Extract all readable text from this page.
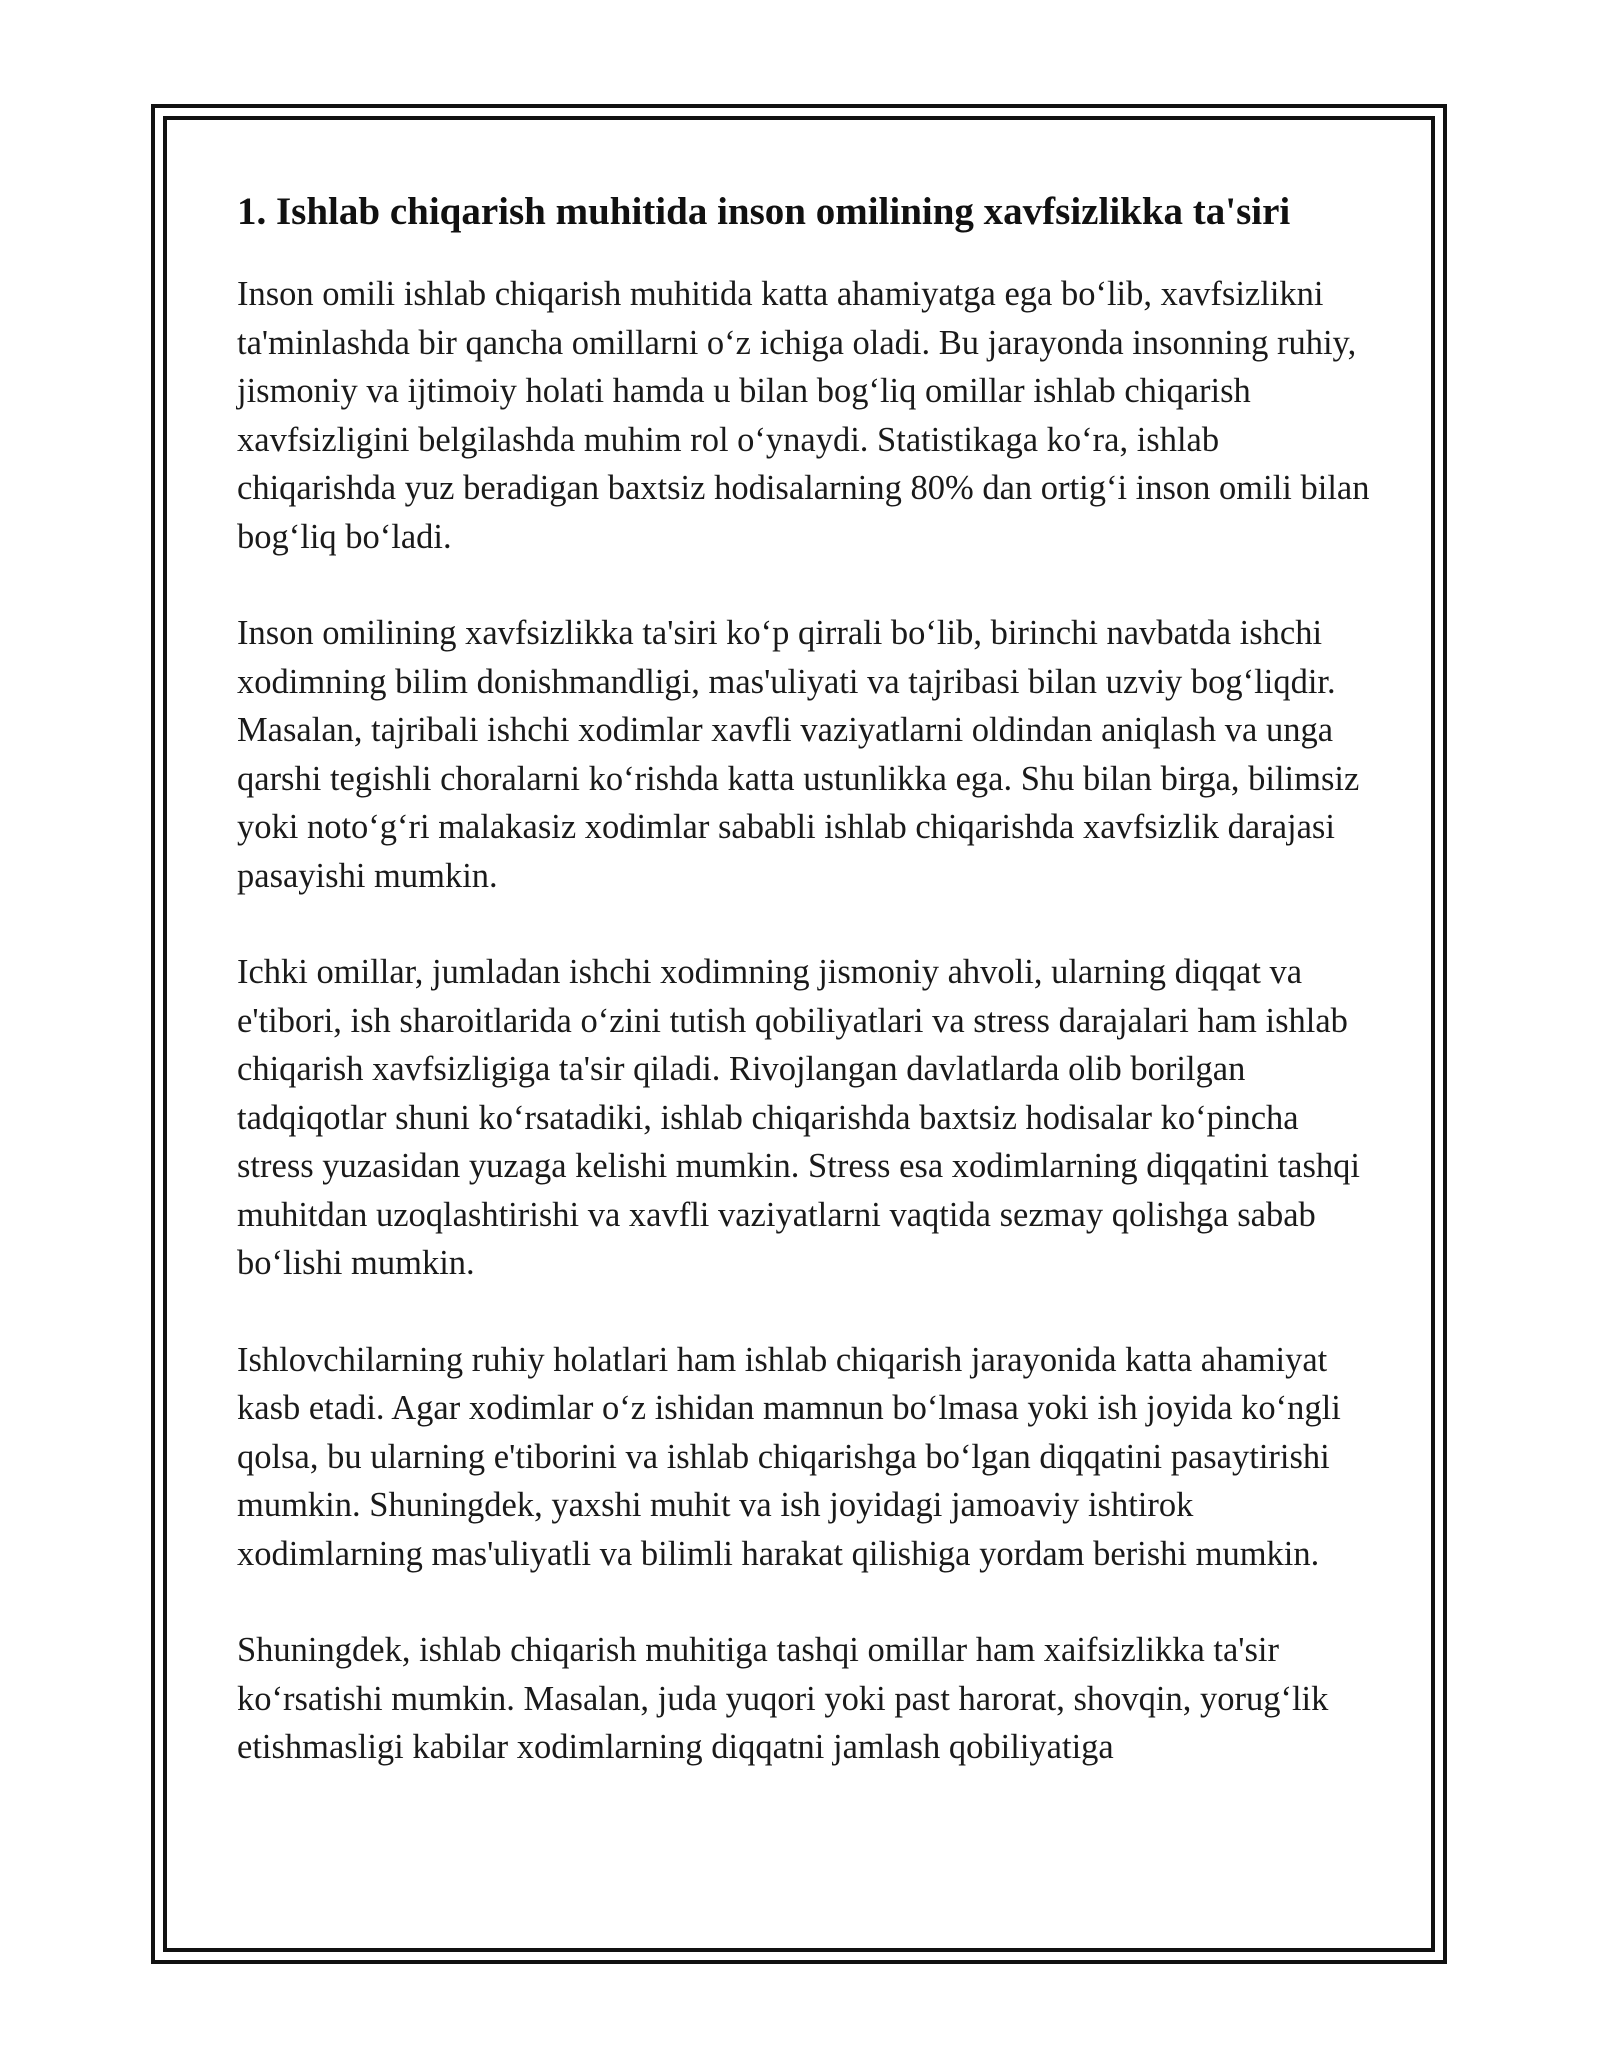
1. Ishlab chiqarish muhitida inson omilining xavfsizlikka ta'siri

Inson omili ishlab chiqarish muhitida katta ahamiyatga ega bo‘lib, xavfsizlikni ta'minlashda bir qancha omillarni o‘z ichiga oladi. Bu jarayonda insonning ruhiy, jismoniy va ijtimoiy holati hamda u bilan bog‘liq omillar ishlab chiqarish xavfsizligini belgilashda muhim rol o‘ynaydi. Statistikaga ko‘ra, ishlab chiqarishda yuz beradigan baxtsiz hodisalarning 80% dan ortig‘i inson omili bilan bog‘liq bo‘ladi.

Inson omilining xavfsizlikka ta'siri ko‘p qirrali bo‘lib, birinchi navbatda ishchi xodimning bilim donishmandligi, mas'uliyati va tajribasi bilan uzviy bog‘liqdir. Masalan, tajribali ishchi xodimlar xavfli vaziyatlarni oldindan aniqlash va unga qarshi tegishli choralarni ko‘rishda katta ustunlikka ega. Shu bilan birga, bilimsiz yoki noto‘g‘ri malakasiz xodimlar sababli ishlab chiqarishda xavfsizlik darajasi pasayishi mumkin.

Ichki omillar, jumladan ishchi xodimning jismoniy ahvoli, ularning diqqat va e'tibori, ish sharoitlarida o‘zini tutish qobiliyatlari va stress darajalari ham ishlab chiqarish xavfsizligiga ta'sir qiladi. Rivojlangan davlatlarda olib borilgan tadqiqotlar shuni ko‘rsatadiki, ishlab chiqarishda baxtsiz hodisalar ko‘pincha stress yuzasidan yuzaga kelishi mumkin. Stress esa xodimlarning diqqatini tashqi muhitdan uzoqlashtirishi va xavfli vaziyatlarni vaqtida sezmay qolishga sabab bo‘lishi mumkin.

Ishlovchilarning ruhiy holatlari ham ishlab chiqarish jarayonida katta ahamiyat kasb etadi. Agar xodimlar o‘z ishidan mamnun bo‘lmasa yoki ish joyida ko‘ngli qolsa, bu ularning e'tiborini va ishlab chiqarishga bo‘lgan diqqatini pasaytirishi mumkin. Shuningdek, yaxshi muhit va ish joyidagi jamoaviy ishtirok xodimlarning mas'uliyatli va bilimli harakat qilishiga yordam berishi mumkin.

Shuningdek, ishlab chiqarish muhitiga tashqi omillar ham xaifsizlikka ta'sir ko‘rsatishi mumkin. Masalan, juda yuqori yoki past harorat, shovqin, yorug‘lik etishmasligi kabilar xodimlarning diqqatni jamlash qobiliyatiga
